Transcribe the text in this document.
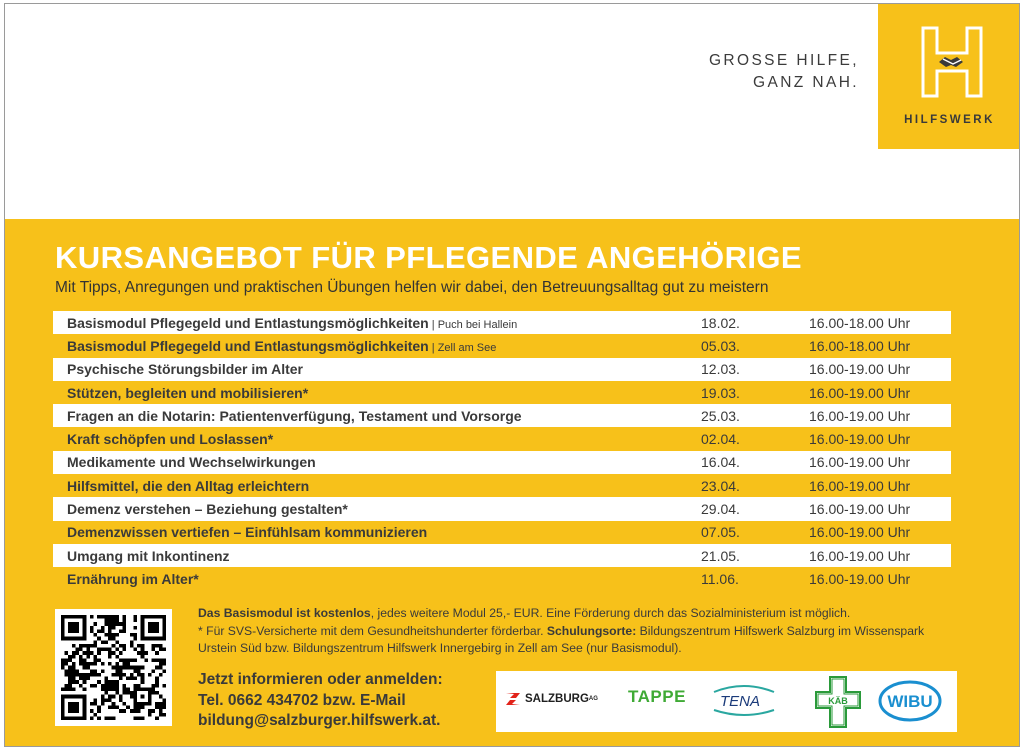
GROSSE HILFE,
GANZ NAH.
HILFSWERK
KURSANGEBOT FÜR PFLEGENDE ANGEHÖRIGE
Mit Tipps, Anregungen und praktischen Übungen helfen wir dabei, den Betreuungsalltag gut zu meistern
Basismodul Pflegegeld und Entlastungsmöglichkeiten | Puch bei Hallein	18.02.	16.00-18.00 Uhr
Basismodul Pflegegeld und Entlastungsmöglichkeiten | Zell am See	05.03.	16.00-18.00 Uhr
Psychische Störungsbilder im Alter	12.03.	16.00-19.00 Uhr
Stützen, begleiten und mobilisieren*	19.03.	16.00-19.00 Uhr
Fragen an die Notarin: Patientenverfügung, Testament und Vorsorge	25.03.	16.00-19.00 Uhr
Kraft schöpfen und Loslassen*	02.04.	16.00-19.00 Uhr
Medikamente und Wechselwirkungen	16.04.	16.00-19.00 Uhr
Hilfsmittel, die den Alltag erleichtern	23.04.	16.00-19.00 Uhr
Demenz verstehen – Beziehung gestalten*	29.04.	16.00-19.00 Uhr
Demenzwissen vertiefen – Einfühlsam kommunizieren	07.05.	16.00-19.00 Uhr
Umgang mit Inkontinenz	21.05.	16.00-19.00 Uhr
Ernährung im Alter*	11.06.	16.00-19.00 Uhr
Das Basismodul ist kostenlos, jedes weitere Modul 25,- EUR. Eine Förderung durch das Sozialministerium ist möglich.
* Für SVS-Versicherte mit dem Gesundheitshunderter förderbar. Schulungsorte: Bildungszentrum Hilfswerk Salzburg im Wissenspark Urstein Süd bzw. Bildungszentrum Hilfswerk Innergebirg in Zell am See (nur Basismodul).
Jetzt informieren oder anmelden:
Tel. 0662 434702 bzw. E-Mail
bildung@salzburger.hilfswerk.at.
SALZBURG AG TAPPE TENA	KÄB WIBU
